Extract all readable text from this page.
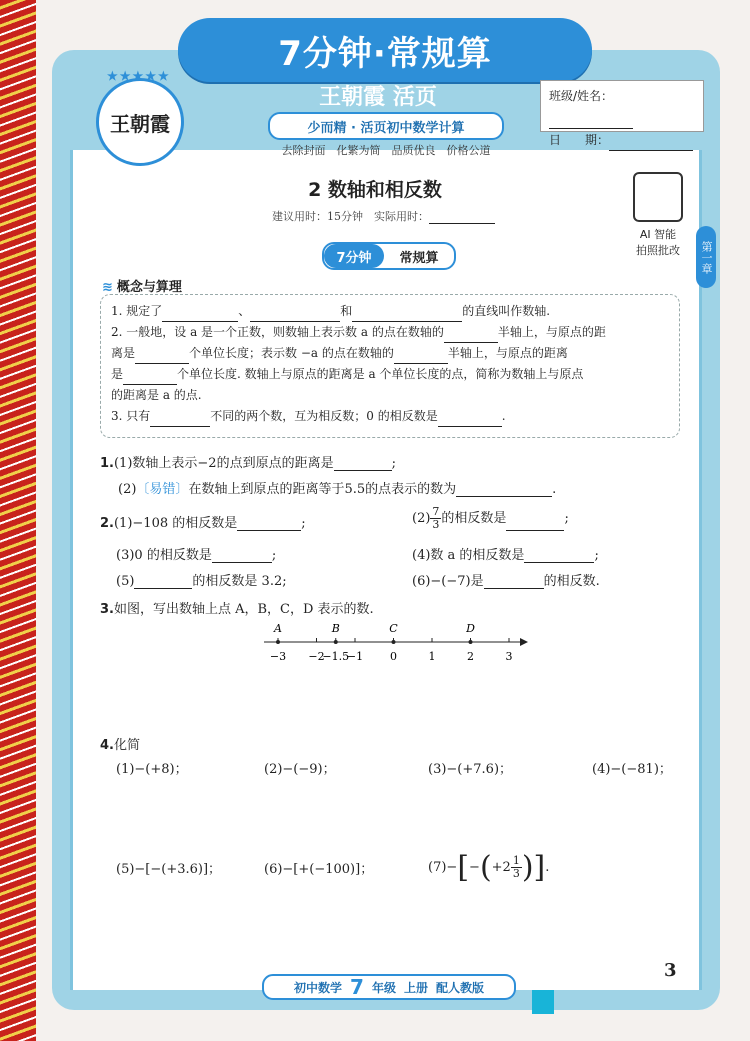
7分钟·常规算
★★★★★
王朝霞
王朝霞 活页
少而精 · 活页初中数学计算
班级/姓名：
日　　期：
去除封面　化繁为简　品质优良　价格公道
2 数轴和相反数
建议用时：15分钟　实际用时：
AI 智能
拍照批改	第一章
7分钟	常规算
≋ 概念与算理

1. 规定了	、	和	的直线叫作数轴.

2. 一般地，设 a 是一个正数，则数轴上表示数 a 的点在数轴的	半轴上，与原点的距

离是	个单位长度；表示数 −a 的点在数轴的	半轴上，与原点的距离

是	个单位长度. 数轴上与原点的距离是 a 个单位长度的点，简称为数轴上与原点

的距离是 a 的点.

3. 只有	不同的两个数，互为相反数；0 的相反数是	.

1.(1)数轴上表示−2的点到原点的距离是	;
(2)〔易错〕在数轴上到原点的距离等于5.5的点表示的数为	.
2.(1)−108 的相反数是	;	$(2) \frac{7}{3}$ 的相反数是	;
(3)0 的相反数是	;	(4)数 a 的相反数是	;
(5)	的相反数是 3.2;	(6)−(−7)是	的相反数.
3.如图，写出数轴上点 A，B，C，D 表示的数.
−3 −2
−1.5
−1 0	1	2	3
A	B	C	D
4.化简
(1)−(+8)；	(2)−(−9)；	(3)−(+7.6)；	(4)−(−81)；
(5)−[−(+3.6)]；	(6)−[+(−100)]；	$(7)-[-(+2 \frac{1}{3}$ )].
3
初中数学 7 年级 上册 配人教版
